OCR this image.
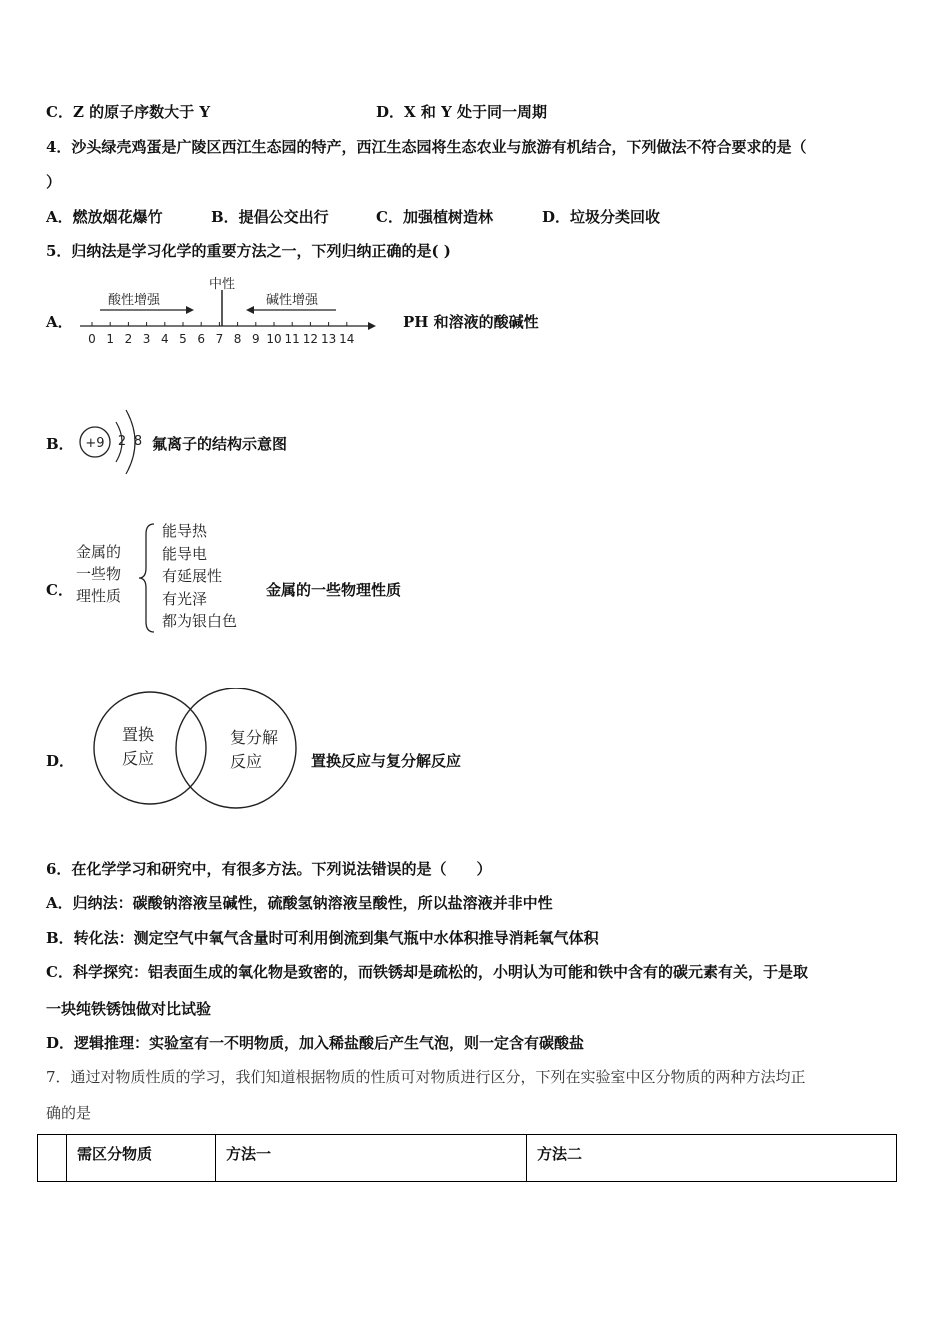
C．Z 的原子序数大于 Y	D．X 和 Y 处于同一周期
4．沙头绿壳鸡蛋是广陵区西江生态园的特产，西江生态园将生态农业与旅游有机结合，下列做法不符合要求的是（
）
A．燃放烟花爆竹	B．提倡公交出行	C．加强植树造林	D．垃圾分类回收
5．归纳法是学习化学的重要方法之一，下列归纳正确的是( )
A．
中性
酸性增强	碱性增强
0 1 2 3 4 5 6 7 8 9 10 11 12 13 14
PH 和溶液的酸碱性
B． +9 2 8 氟离子的结构示意图
C．
金属的
一些物
理性质
能导热
能导电
有延展性
有光泽
都为银白色
金属的一些物理性质
D．
置换
反应
复分解
反应	置换反应与复分解反应
6．在化学学习和研究中，有很多方法。下列说法错误的是（　　）
A．归纳法：碳酸钠溶液呈碱性，硫酸氢钠溶液呈酸性，所以盐溶液并非中性
B．转化法：测定空气中氧气含量时可利用倒流到集气瓶中水体积推导消耗氧气体积
C．科学探究：铝表面生成的氧化物是致密的，而铁锈却是疏松的，小明认为可能和铁中含有的碳元素有关，于是取
一块纯铁锈蚀做对比试验
D．逻辑推理：实验室有一不明物质，加入稀盐酸后产生气泡，则一定含有碳酸盐
7．通过对物质性质的学习，我们知道根据物质的性质可对物质进行区分，下列在实验室中区分物质的两种方法均正
确的是
	需区分物质	方法一	方法二
